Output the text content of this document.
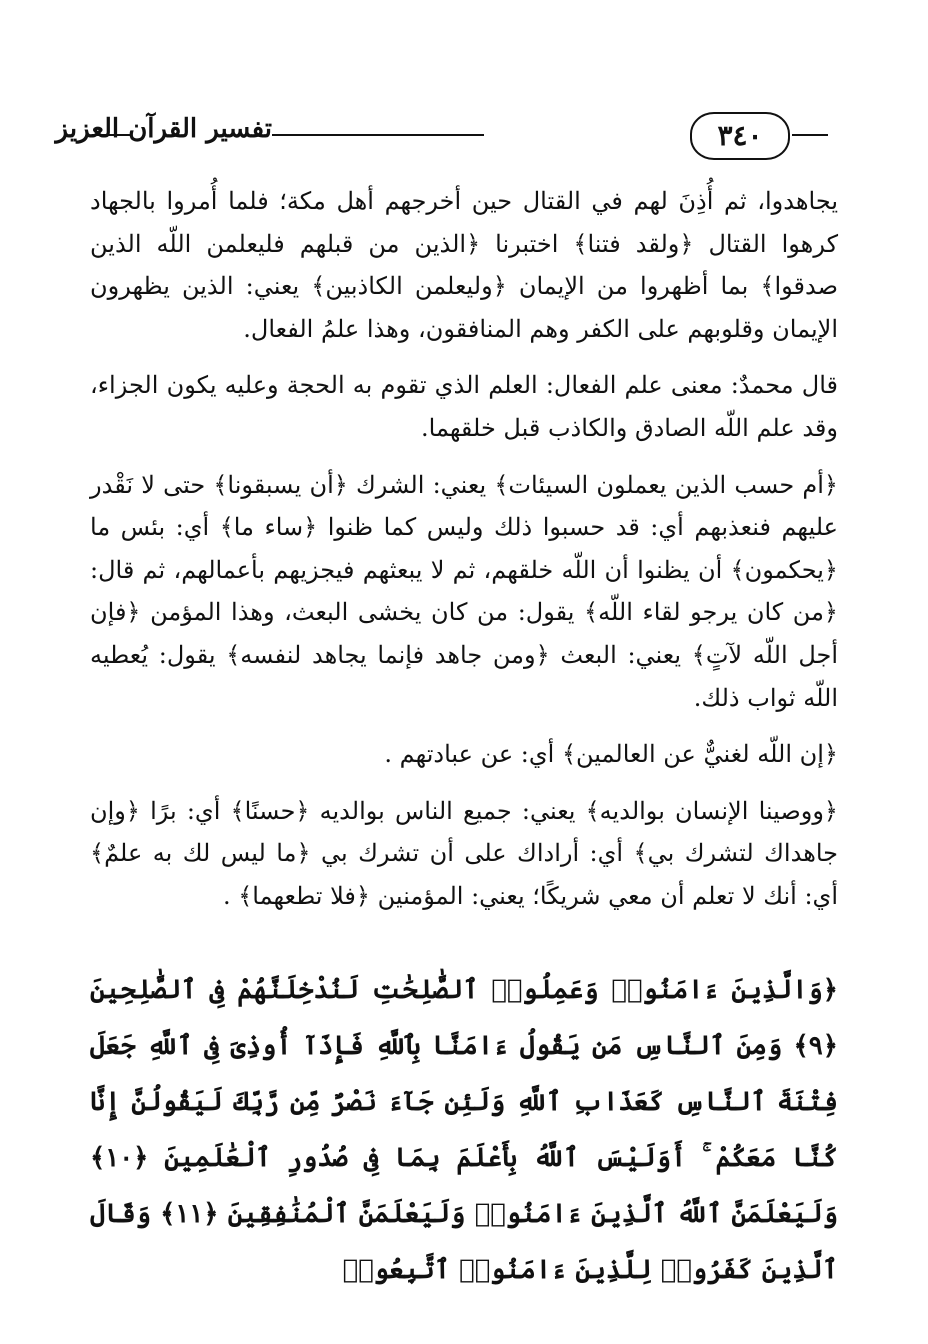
تفسير القرآن العزيز	٣٤٠

يجاهدوا، ثم أُذِنَ لهم في القتال حين أخرجهم أهل مكة؛ فلما أُمروا بالجهاد كرهوا القتال ﴿ولقد فتنا﴾ اختبرنا ﴿الذين من قبلهم فليعلمن اللّه الذين صدقوا﴾ بما أظهروا من الإيمان ﴿وليعلمن الكاذبين﴾ يعني: الذين يظهرون الإيمان وقلوبهم على الكفر وهم المنافقون، وهذا علمُ الفعال.

قال محمدٌ: معنى علم الفعال: العلم الذي تقوم به الحجة وعليه يكون الجزاء، وقد علم اللّه الصادق والكاذب قبل خلقهما.

﴿أم حسب الذين يعملون السيئات﴾ يعني: الشرك ﴿أن يسبقونا﴾ حتى لا نَقْدر عليهم فنعذبهم أي: قد حسبوا ذلك وليس كما ظنوا ﴿ساء ما﴾ أي: بئس ما ﴿يحكمون﴾ أن يظنوا أن اللّه خلقهم، ثم لا يبعثهم فيجزيهم بأعمالهم، ثم قال: ﴿من كان يرجو لقاء اللّه﴾ يقول: من كان يخشى البعث، وهذا المؤمن ﴿فإن أجل اللّه لآتٍ﴾ يعني: البعث ﴿ومن جاهد فإنما يجاهد لنفسه﴾ يقول: يُعطيه اللّه ثواب ذلك.

﴿إن اللّه لغنيٌّ عن العالمين﴾ أي: عن عبادتهم .

﴿ووصينا الإنسان بوالديه﴾ يعني: جميع الناس بوالديه ﴿حسنًا﴾ أي: برًا ﴿وإن جاهداك لتشرك بي﴾ أي: أراداك على أن تشرك بي ﴿ما ليس لك به علمٌ﴾ أي: أنك لا تعلم أن معي شريكًا؛ يعني: المؤمنين ﴿فلا تطعهما﴾ .

﴿وَالَّذِينَ ءَامَنُوا۟ وَعَمِلُوا۟ ٱلصَّٰلِحَٰتِ لَنُدْخِلَنَّهُمْ فِى ٱلصَّٰلِحِينَ ﴿٩﴾ وَمِنَ ٱلنَّاسِ مَن يَقُولُ ءَامَنَّا بِٱللَّهِ فَإِذَآ أُوذِىَ فِى ٱللَّهِ جَعَلَ فِتْنَةَ ٱلنَّاسِ كَعَذَابِ ٱللَّهِ وَلَئِن جَآءَ نَصْرٌ مِّن رَّبِّكَ لَيَقُولُنَّ إِنَّا كُنَّا مَعَكُمْ ۚ أَوَلَيْسَ ٱللَّهُ بِأَعْلَمَ بِمَا فِى صُدُورِ ٱلْعَٰلَمِينَ ﴿١٠﴾ وَلَيَعْلَمَنَّ ٱللَّهُ ٱلَّذِينَ ءَامَنُوا۟ وَلَيَعْلَمَنَّ ٱلْمُنَٰفِقِينَ ﴿١١﴾ وَقَالَ ٱلَّذِينَ كَفَرُوا۟ لِلَّذِينَ ءَامَنُوا۟ ٱتَّبِعُوا۟
